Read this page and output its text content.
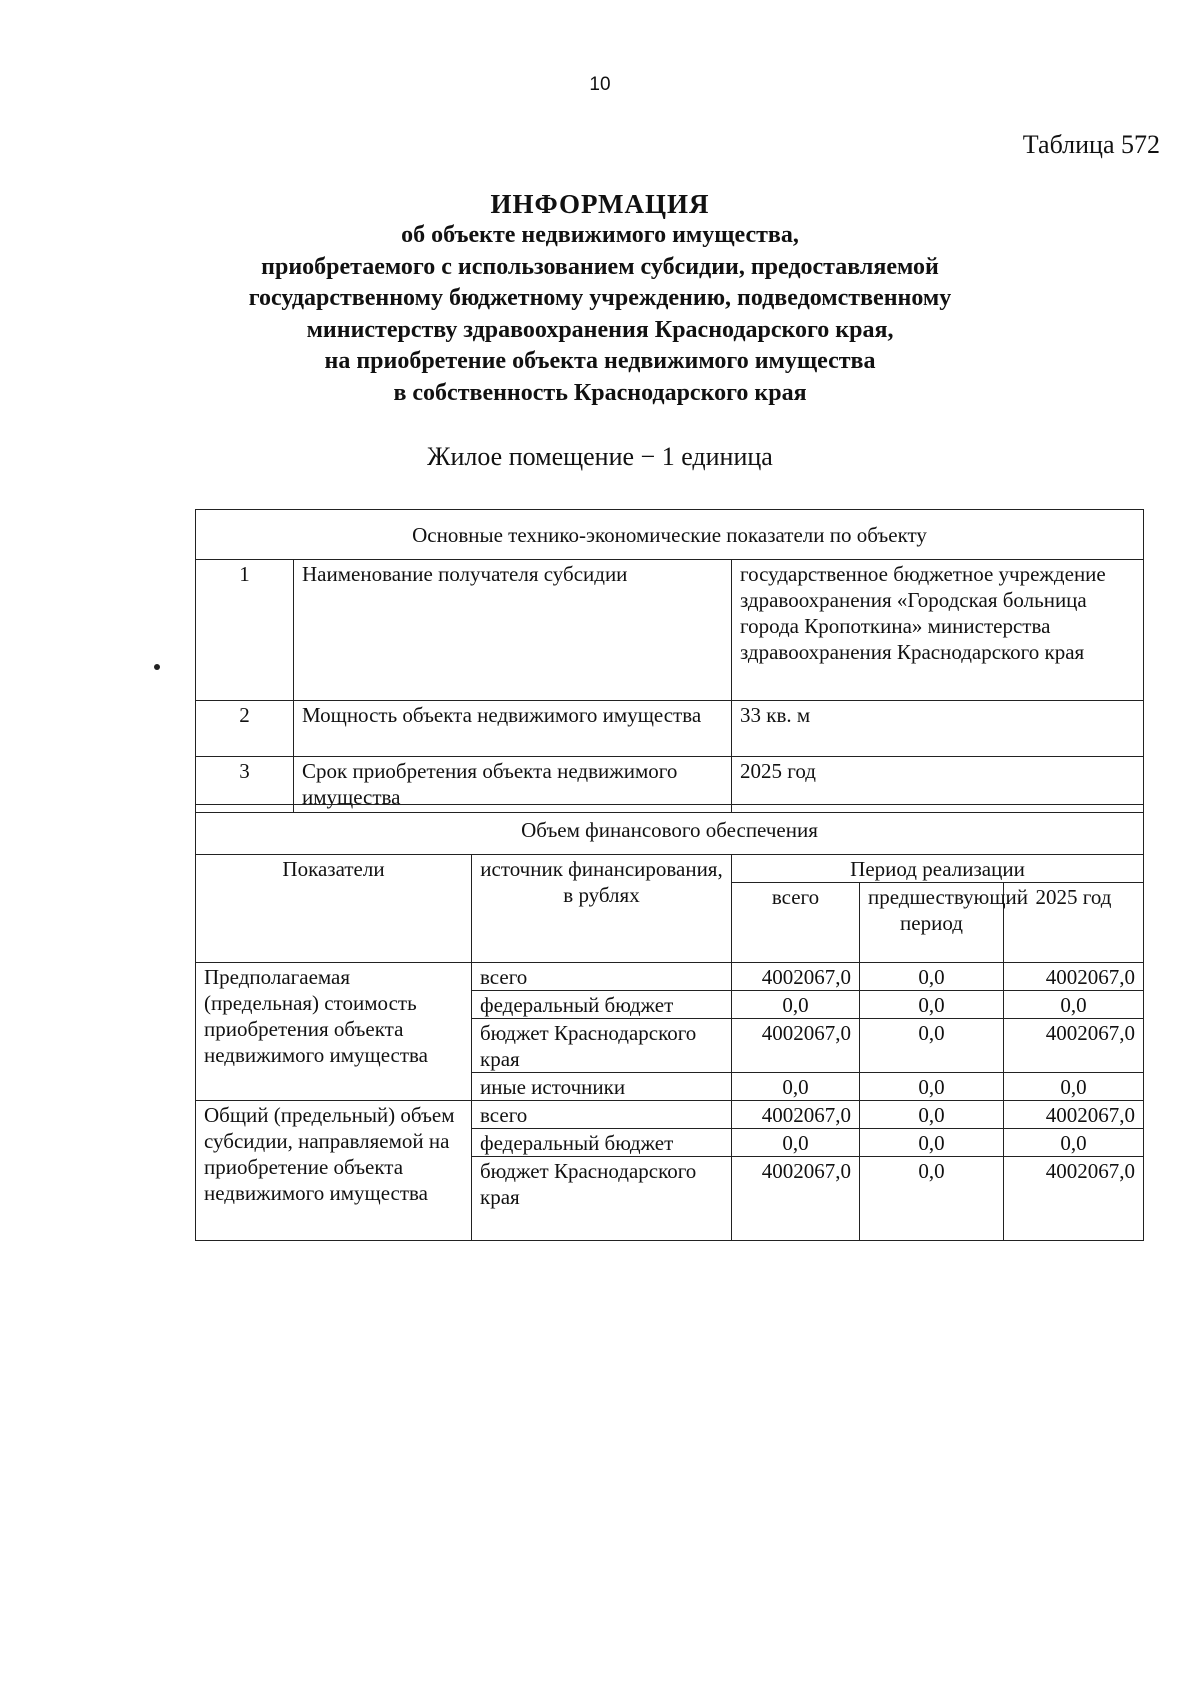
10
Таблица 572
ИНФОРМАЦИЯ
об объекте недвижимого имущества,
приобретаемого с использованием субсидии, предоставляемой
государственному бюджетному учреждению, подведомственному
министерству здравоохранения Краснодарского края,
на приобретение объекта недвижимого имущества
в собственность Краснодарского края
Жилое помещение − 1 единица
Основные технико-экономические показатели по объекту		
1	Наименование получателя субсидии	государственное бюджетное учреждение здравоохранения «Городская больница города Кропоткина» министерства здравоохранения Краснодарского края
2	Мощность объекта недвижимого имущества	33 кв. м
3	Срок приобретения объекта недвижимого имущества	2025 год
Объем финансового обеспечения				
Показатели	источник финансирования, в рублях	Период реализации		
		всего	предшествующий период	2025 год
Предполагаемая (предельная) стоимость приобретения объекта недвижимого имущества	всего	4002067,0	0,0	4002067,0
	федеральный бюджет	0,0	0,0	0,0
	бюджет Краснодарского края	4002067,0	0,0	4002067,0
	иные источники	0,0	0,0	0,0
Общий (предельный) объем субсидии, направляемой на приобретение объекта недвижимого имущества	всего	4002067,0	0,0	4002067,0
	федеральный бюджет	0,0	0,0	0,0
	бюджет Краснодарского края	4002067,0	0,0	4002067,0
